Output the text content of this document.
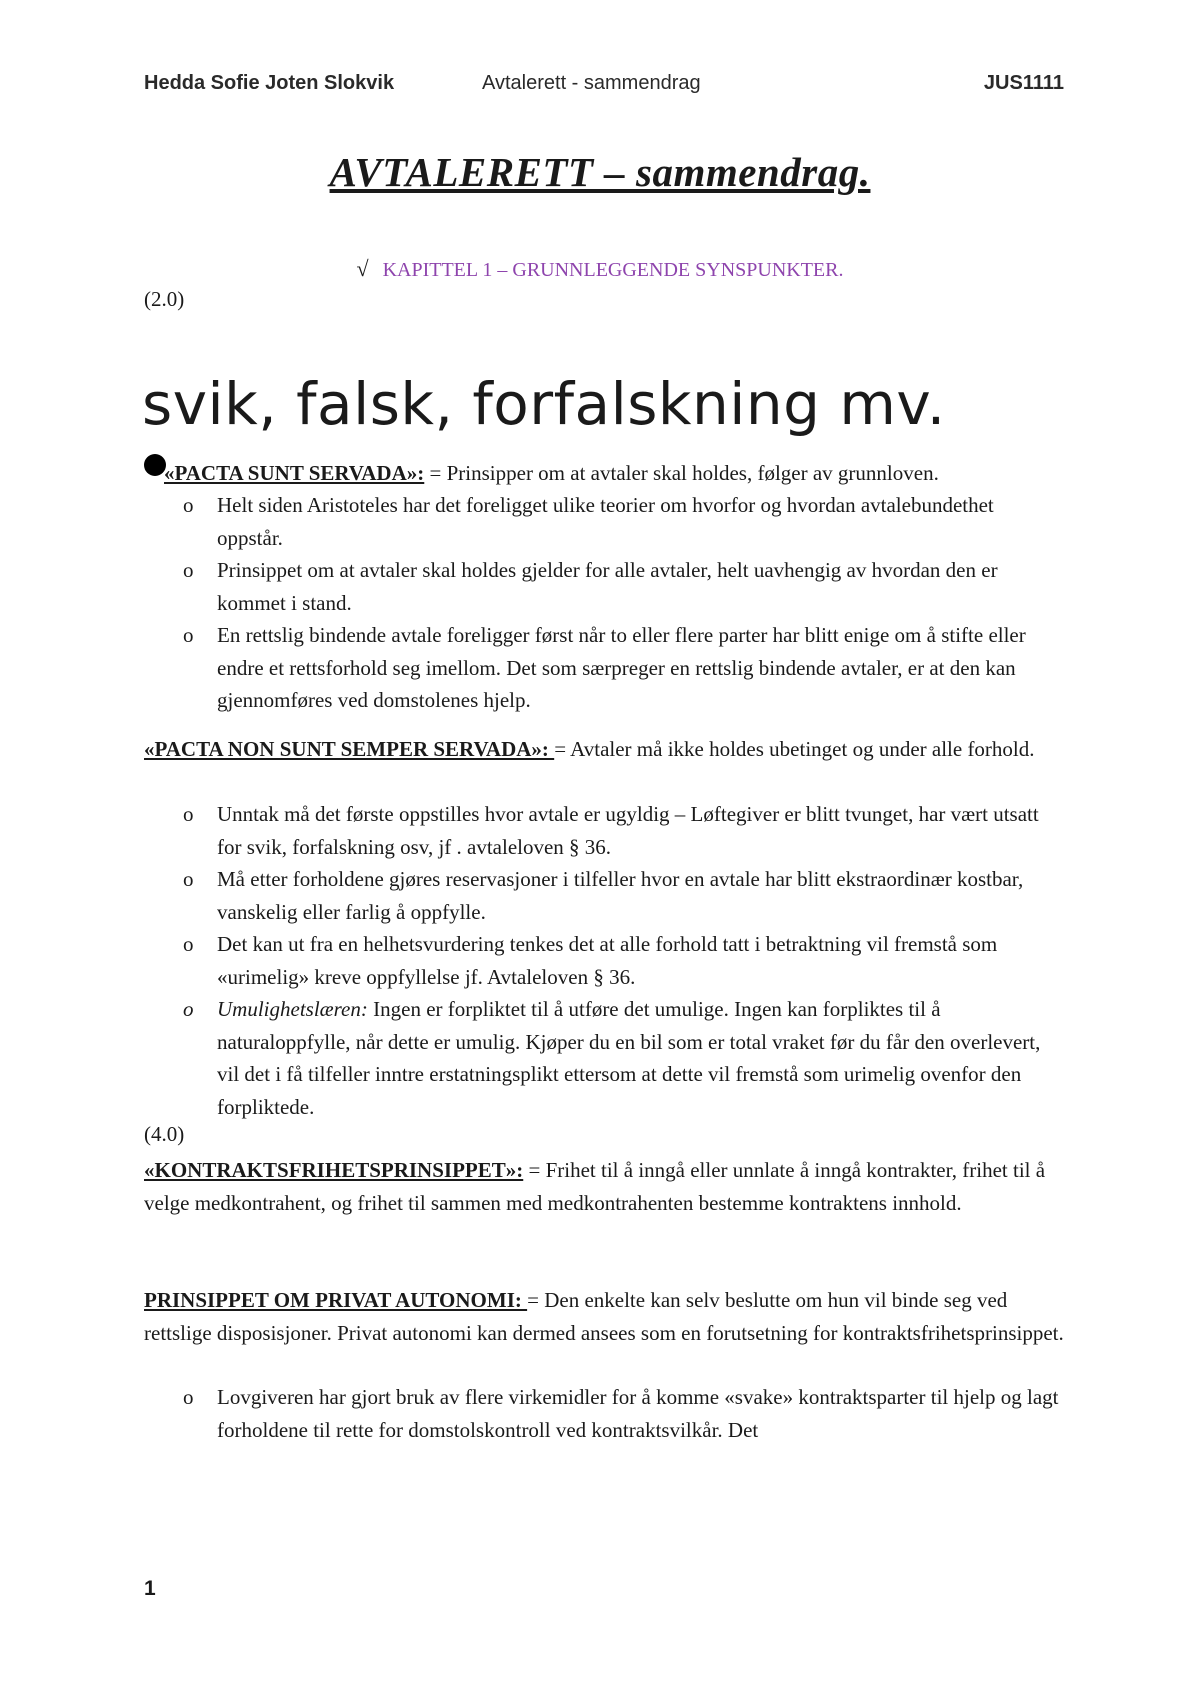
Hedda Sofie Joten Slokvik	Avtalerett - sammendrag	JUS1111
AVTALERETT – sammendrag.
√ KAPITTEL 1 – GRUNNLEGGENDE SYNSPUNKTER.
(2.0)
svik, falsk, forfalskning mv.
«PACTA SUNT SERVADA»: = Prinsipper om at avtaler skal holdes, følger av grunnloven.
o Helt siden Aristoteles har det foreligget ulike teorier om hvorfor og hvordan avtalebundethet oppstår.
o Prinsippet om at avtaler skal holdes gjelder for alle avtaler, helt uavhengig av hvordan den er kommet i stand.
o En rettslig bindende avtale foreligger først når to eller flere parter har blitt enige om å stifte eller endre et rettsforhold seg imellom. Det som særpreger en rettslig bindende avtaler, er at den kan gjennomføres ved domstolenes hjelp.
«PACTA NON SUNT SEMPER SERVADA»: = Avtaler må ikke holdes ubetinget og under alle forhold.
o Unntak må det første oppstilles hvor avtale er ugyldig – Løftegiver er blitt tvunget, har vært utsatt for svik, forfalskning osv, jf . avtaleloven § 36.
o Må etter forholdene gjøres reservasjoner i tilfeller hvor en avtale har blitt ekstraordinær kostbar, vanskelig eller farlig å oppfylle.
o Det kan ut fra en helhetsvurdering tenkes det at alle forhold tatt i betraktning vil fremstå som «urimelig» kreve oppfyllelse jf. Avtaleloven § 36.
o Umulighetslæren: Ingen er forpliktet til å utføre det umulige. Ingen kan forpliktes til å naturaloppfylle, når dette er umulig. Kjøper du en bil som er total vraket før du får den overlevert, vil det i få tilfeller inntre erstatningsplikt ettersom at dette vil fremstå som urimelig ovenfor den forpliktede.
(4.0)
«KONTRAKTSFRIHETSPRINSIPPET»: = Frihet til å inngå eller unnlate å inngå kontrakter, frihet til å velge medkontrahent, og frihet til sammen med medkontrahenten bestemme kontraktens innhold.
PRINSIPPET OM PRIVAT AUTONOMI: = Den enkelte kan selv beslutte om hun vil binde seg ved rettslige disposisjoner. Privat autonomi kan dermed ansees som en forutsetning for kontraktsfrihetsprinsippet.
o Lovgiveren har gjort bruk av flere virkemidler for å komme «svake» kontraktsparter til hjelp og lagt forholdene til rette for domstolskontroll ved kontraktsvilkår. Det
1
